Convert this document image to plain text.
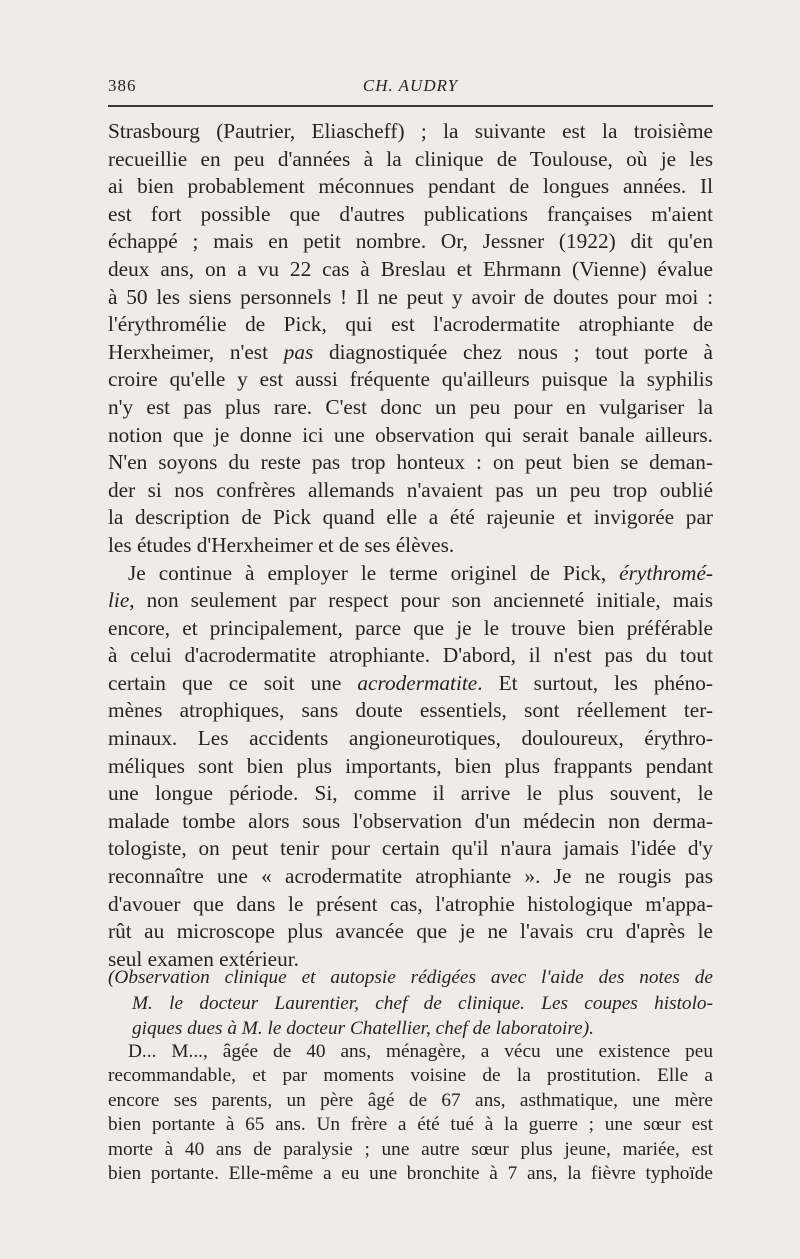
386	CH. AUDRY
Strasbourg (Pautrier, Eliascheff) ; la suivante est la troisième
recueillie en peu d'années à la clinique de Toulouse, où je les
ai bien probablement méconnues pendant de longues années. Il
est fort possible que d'autres publications françaises m'aient
échappé ; mais en petit nombre. Or, Jessner (1922) dit qu'en
deux ans, on a vu 22 cas à Breslau et Ehrmann (Vienne) évalue
à 50 les siens personnels ! Il ne peut y avoir de doutes pour moi :
l'érythromélie de Pick, qui est l'acrodermatite atrophiante de
Herxheimer, n'est pas diagnostiquée chez nous ; tout porte à
croire qu'elle y est aussi fréquente qu'ailleurs puisque la syphilis
n'y est pas plus rare. C'est donc un peu pour en vulgariser la
notion que je donne ici une observation qui serait banale ailleurs.
N'en soyons du reste pas trop honteux : on peut bien se deman-
der si nos confrères allemands n'avaient pas un peu trop oublié
la description de Pick quand elle a été rajeunie et invigorée par
les études d'Herxheimer et de ses élèves.
Je continue à employer le terme originel de Pick, érythromé-
lie, non seulement par respect pour son ancienneté initiale, mais
encore, et principalement, parce que je le trouve bien préférable
à celui d'acrodermatite atrophiante. D'abord, il n'est pas du tout
certain que ce soit une acrodermatite. Et surtout, les phéno-
mènes atrophiques, sans doute essentiels, sont réellement ter-
minaux. Les accidents angioneurotiques, douloureux, érythro-
méliques sont bien plus importants, bien plus frappants pendant
une longue période. Si, comme il arrive le plus souvent, le
malade tombe alors sous l'observation d'un médecin non derma-
tologiste, on peut tenir pour certain qu'il n'aura jamais l'idée d'y
reconnaître une « acrodermatite atrophiante ». Je ne rougis pas
d'avouer que dans le présent cas, l'atrophie histologique m'appa-
rût au microscope plus avancée que je ne l'avais cru d'après le
seul examen extérieur.
(Observation clinique et autopsie rédigées avec l'aide des notes de
M. le docteur Laurentier, chef de clinique. Les coupes histolo-
giques dues à M. le docteur Chatellier, chef de laboratoire).
D... M..., âgée de 40 ans, ménagère, a vécu une existence peu
recommandable, et par moments voisine de la prostitution. Elle a
encore ses parents, un père âgé de 67 ans, asthmatique, une mère
bien portante à 65 ans. Un frère a été tué à la guerre ; une sœur est
morte à 40 ans de paralysie ; une autre sœur plus jeune, mariée, est
bien portante. Elle-même a eu une bronchite à 7 ans, la fièvre typhoïde
